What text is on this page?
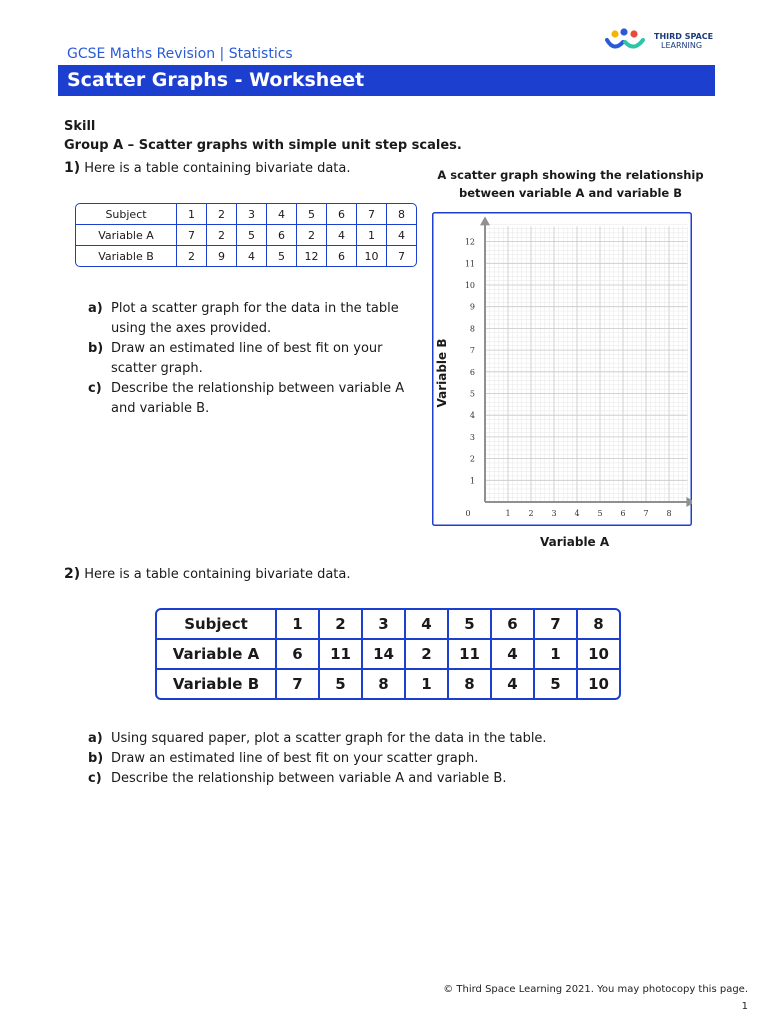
GCSE Maths Revision | Statistics
THIRD SPACE
LEARNING
Scatter Graphs - Worksheet
Skill
Group A – Scatter graphs with simple unit step scales.
1) Here is a table containing bivariate data.
Subject	1	2	3	4	5	6	7	8
Variable A	7	2	5	6	2	4	1	4
Variable B	2	9	4	5	12	6	10	7
a) Plot a scatter graph for the data in the table using the axes provided.
b) Draw an estimated line of best fit on your scatter graph.
c) Describe the relationship between variable A and variable B.
A scatter graph showing the relationship
between variable A and variable B
1 2 3 4 5 6 7 8
1
2
3
4
5
6
7
8
9
10
11
12
0
Variable B
Variable A
2) Here is a table containing bivariate data.
Subject	1	2	3	4	5	6	7	8
Variable A	6	11	14	2	11	4	1	10
Variable B	7	5	8	1	8	4	5	10
a) Using squared paper, plot a scatter graph for the data in the table.
b) Draw an estimated line of best fit on your scatter graph.
c) Describe the relationship between variable A and variable B.
© Third Space Learning 2021. You may photocopy this page.
1
